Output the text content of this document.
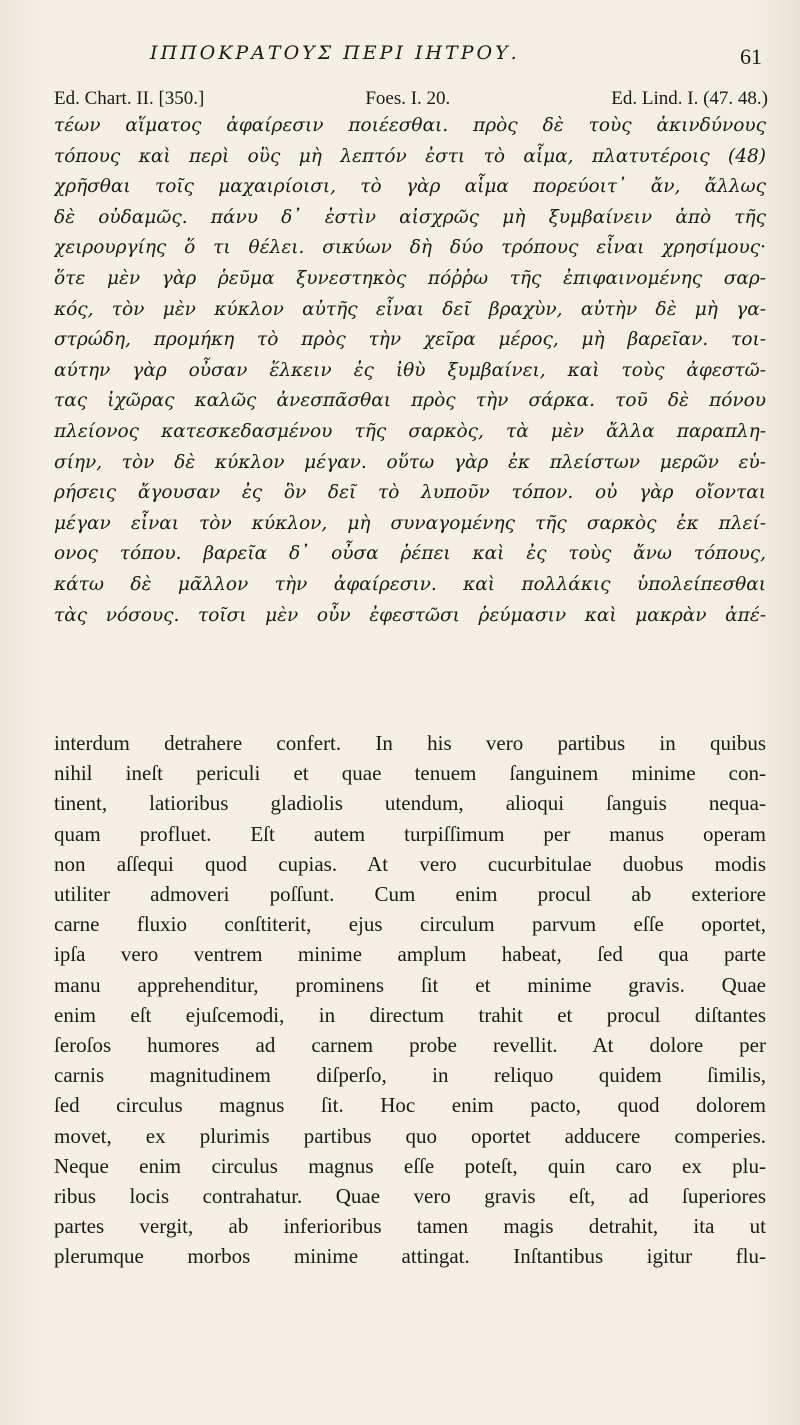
ΙΠΠΟΚΡΑΤΟΥΣ ΠΕΡΙ ΙΗΤΡΟΥ.	61
Ed. Chart. II. [350.]	Foes. I. 20.	Ed. Lind. I. (47. 48.)
τέων αἵματος ἀφαίρεσιν ποιέεσθαι. πρὸς δὲ τοὺς ἀκινδύνους
τόπους καὶ περὶ οὓς μὴ λεπτόν ἐστι τὸ αἷμα, πλατυτέροις (48)
χρῆσθαι τοῖς μαχαιρίοισι, τὸ γὰρ αἷμα πορεύοιτ᾽ ἄν, ἄλλως
δὲ οὐδαμῶς. πάνυ δ᾽ ἐστὶν αἰσχρῶς μὴ ξυμβαίνειν ἀπὸ τῆς
χειρουργίης ὅ τι θέλει. σικύων δὴ δύο τρόπους εἶναι χρησίμους·
ὅτε μὲν γὰρ ῥεῦμα ξυνεστηκὸς πόῤῥω τῆς ἐπιφαινομένης σαρ-
κός, τὸν μὲν κύκλον αὐτῆς εἶναι δεῖ βραχὺν, αὐτὴν δὲ μὴ γα-
στρώδη, προμήκη τὸ πρὸς τὴν χεῖρα μέρος, μὴ βαρεῖαν. τοι-
αύτην γὰρ οὖσαν ἕλκειν ἐς ἰθὺ ξυμβαίνει, καὶ τοὺς ἀφεστῶ-
τας ἰχῶρας καλῶς ἀνεσπᾶσθαι πρὸς τὴν σάρκα. τοῦ δὲ πόνου
πλείονος κατεσκεδασμένου τῆς σαρκὸς, τὰ μὲν ἄλλα παραπλη-
σίην, τὸν δὲ κύκλον μέγαν. οὕτω γὰρ ἐκ πλείστων μερῶν εὑ-
ρήσεις ἄγουσαν ἐς ὃν δεῖ τὸ λυποῦν τόπον. οὐ γὰρ οἴονται
μέγαν εἶναι τὸν κύκλον, μὴ συναγομένης τῆς σαρκὸς ἐκ πλεί-
ονος τόπου. βαρεῖα δ᾽ οὖσα ῥέπει καὶ ἐς τοὺς ἄνω τόπους,
κάτω δὲ μᾶλλον τὴν ἀφαίρεσιν. καὶ πολλάκις ὑπολείπεσθαι
τὰς νόσους. τοῖσι μὲν οὖν ἐφεστῶσι ῥεύμασιν καὶ μακρὰν ἀπέ-
interdum detrahere confert. In his vero partibus in quibus
nihil ineſt periculi et quae tenuem ſanguinem minime con-
tinent, latioribus gladiolis utendum, alioqui ſanguis nequa-
quam profluet. Eſt autem turpiſſimum per manus operam
non aſſequi quod cupias. At vero cucurbitulae duobus modis
utiliter admoveri poſſunt. Cum enim procul ab exteriore
carne fluxio conſtiterit, ejus circulum parvum eſſe oportet,
ipſa vero ventrem minime amplum habeat, ſed qua parte
manu apprehenditur, prominens ſit et minime gravis. Quae
enim eſt ejuſcemodi, in directum trahit et procul diſtantes
ſeroſos humores ad carnem probe revellit. At dolore per
carnis magnitudinem diſperſo, in reliquo quidem ſimilis,
ſed circulus magnus ſit. Hoc enim pacto, quod dolorem
movet, ex plurimis partibus quo oportet adducere comperies.
Neque enim circulus magnus eſſe poteſt, quin caro ex plu-
ribus locis contrahatur. Quae vero gravis eſt, ad ſuperiores
partes vergit, ab inferioribus tamen magis detrahit, ita ut
plerumque morbos minime attingat. Inſtantibus igitur flu-
